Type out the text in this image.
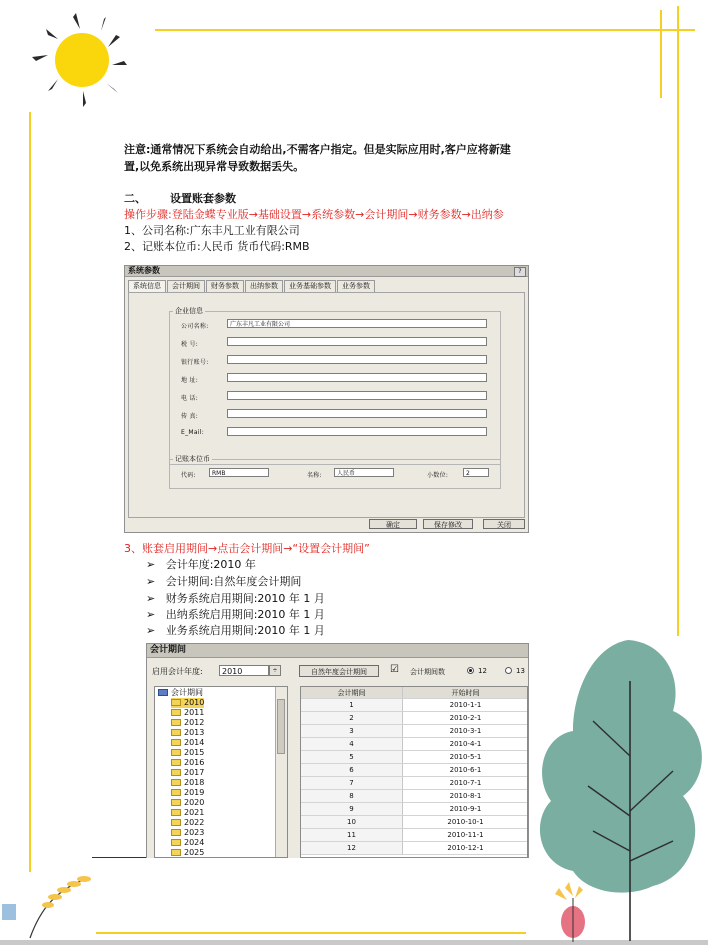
注意:通常情况下系统会自动给出,不需客户指定。但是实际应用时,客户应将新建
置,以免系统出现异常导致数据丢失。
二、 设置账套参数
操作步骤:登陆金蝶专业版→基础设置→系统参数→会计期间→财务参数→出纳参
1、公司名称:广东丰凡工业有限公司
2、记账本位币:人民币 货币代码:RMB
系统参数	?
系统信息	会计期间	财务参数	出纳参数	业务基础参数	业务参数
企业信息
公司名称:	广东丰凡工业有限公司
税 号:
银行账号:
地 址:
电 话:
传 真:
E_Mail:
记账本位币
代码:	RMB	名称:	人民币	小数位:	2
确定	保存修改	关闭
3、账套启用期间→点击会计期间→“设置会计期间”
➢ 会计年度:2010 年
➢ 会计期间:自然年度会计期间
➢ 财务系统启用期间:2010 年 1 月
➢ 出纳系统启用期间:2010 年 1 月
➢ 业务系统启用期间:2010 年 1 月
会计期间
启用会计年度:	2010	÷	自然年度会计期间	☑ 会计期间数	12	13
会计期间
2010
2011
2012
2013
2014
2015
2016
2017
2018
2019
2020
2021
2022
2023
2024
2025
会计期间	开始时间
1	2010-1-1
2	2010-2-1
3	2010-3-1
4	2010-4-1
5	2010-5-1
6	2010-6-1
7	2010-7-1
8	2010-8-1
9	2010-9-1
10	2010-10-1
11	2010-11-1
12	2010-12-1
